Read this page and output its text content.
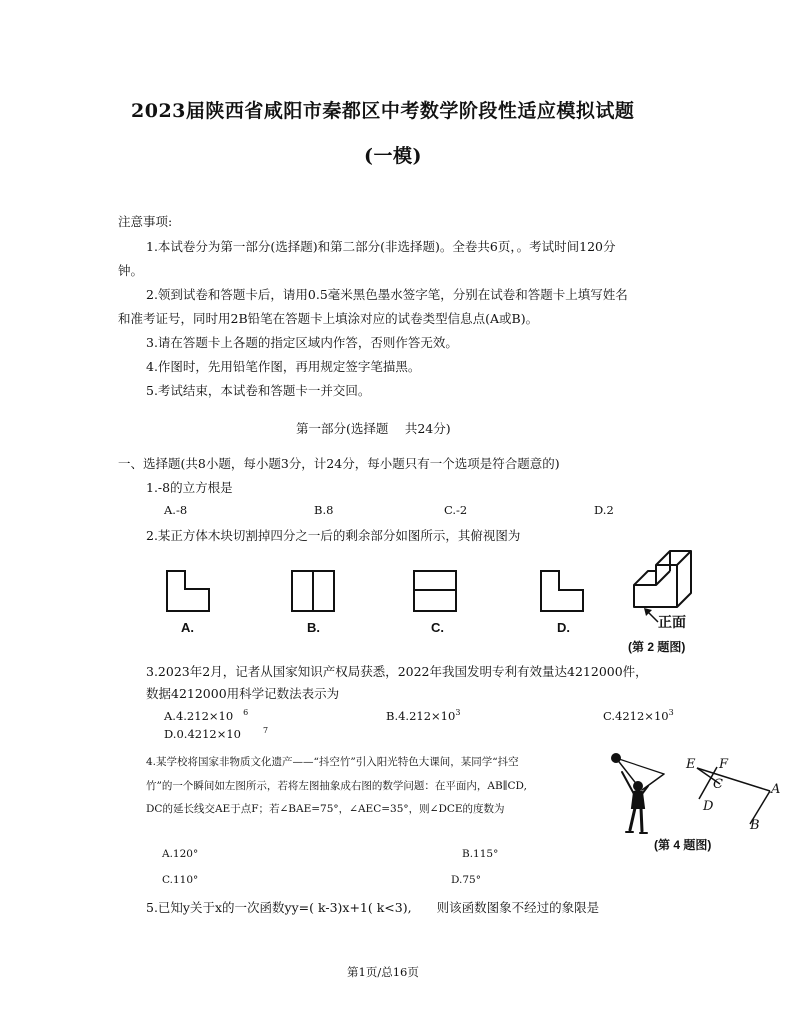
2023届陕西省咸阳市秦都区中考数学阶段性适应模拟试题
(一模)
注意事项:
1.本试卷分为第一部分(选择题)和第二部分(非选择题)。全卷共6页，。考试时间120分
钟。
2.领到试卷和答题卡后，请用0.5毫米黑色墨水签字笔，分别在试卷和答题卡上填写姓名
和准考证号，同时用2B铅笔在答题卡上填涂对应的试卷类型信息点(A或B)。
3.请在答题卡上各题的指定区域内作答，否则作答无效。
4.作图时，先用铅笔作图，再用规定签字笔描黑。
5.考试结束，本试卷和答题卡一并交回。
第一部分(选择题　 共24分)
一、选择题(共8小题，每小题3分，计24分，每小题只有一个选项是符合题意的)
1.-8的立方根是
A.-8	B.8	C.-2	D.2
2.某正方体木块切割掉四分之一后的剩余部分如图所示，其俯视图为
A.	B.	C.	D.	正面
(第 2 题图)
3.2023年2月，记者从国家知识产权局获悉，2022年我国发明专利有效量达4212000件，
数据4212000用科学记数法表示为
A.4.212×10 $^6$	$B.4.212\times 10^3$	$C.4212\times 10^3$
D.0.4212×10	$^7$
4.某学校将国家非物质文化遗产——“抖空竹”引入阳光特色大课间，某同学“抖空
竹”的一个瞬间如左图所示，若将左图抽象成右图的数学问题：在平面内，AB∥CD,
DC的延长线交AE于点F；若∠BAE=75°，∠AEC=35°，则∠DCE的度数为
E F
C
D
A
B
(第 4 题图)
A.120°	B.115°
C.110°	D.75°
5.已知y关于x的一次函数yy=( k-3)x+1( k<3),　　则该函数图象不经过的象限是
第1页/总16页
